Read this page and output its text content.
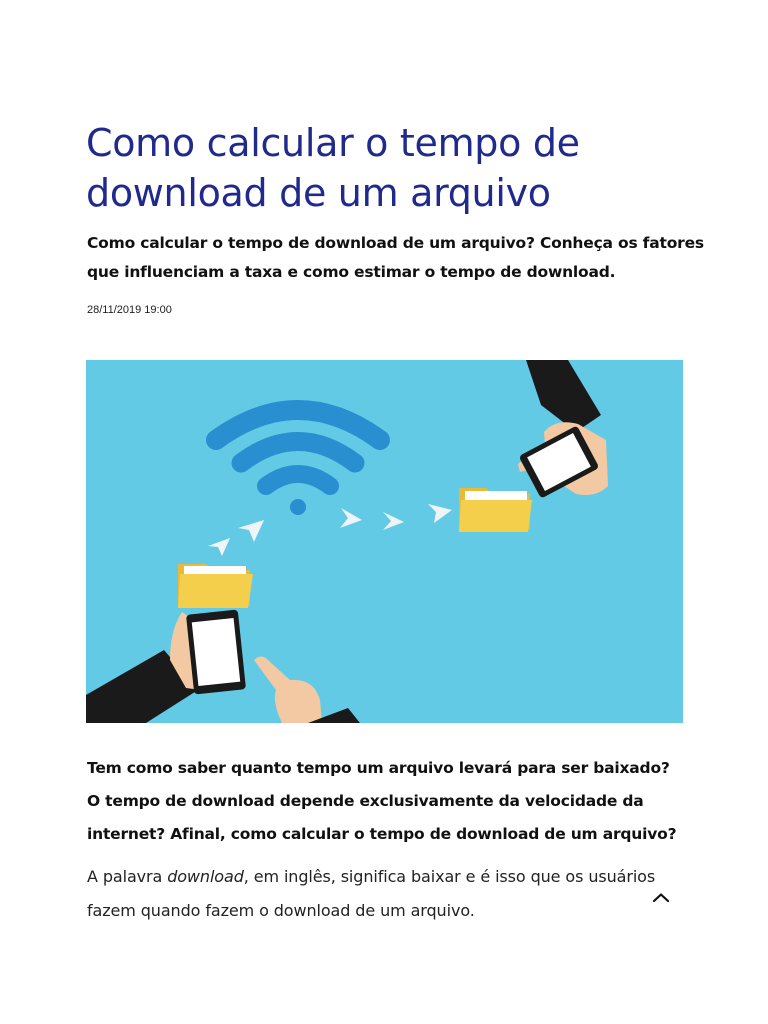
Como calcular o tempo de download de um arquivo

Como calcular o tempo de download de um arquivo? Conheça os fatores que influenciam a taxa e como estimar o tempo de download.

28/11/2019 19:00

Tem como saber quanto tempo um arquivo levará para ser baixado? O tempo de download depende exclusivamente da velocidade da internet? Afinal, como calcular o tempo de download de um arquivo?

A palavra download, em inglês, significa baixar e é isso que os usuários fazem quando fazem o download de um arquivo.
